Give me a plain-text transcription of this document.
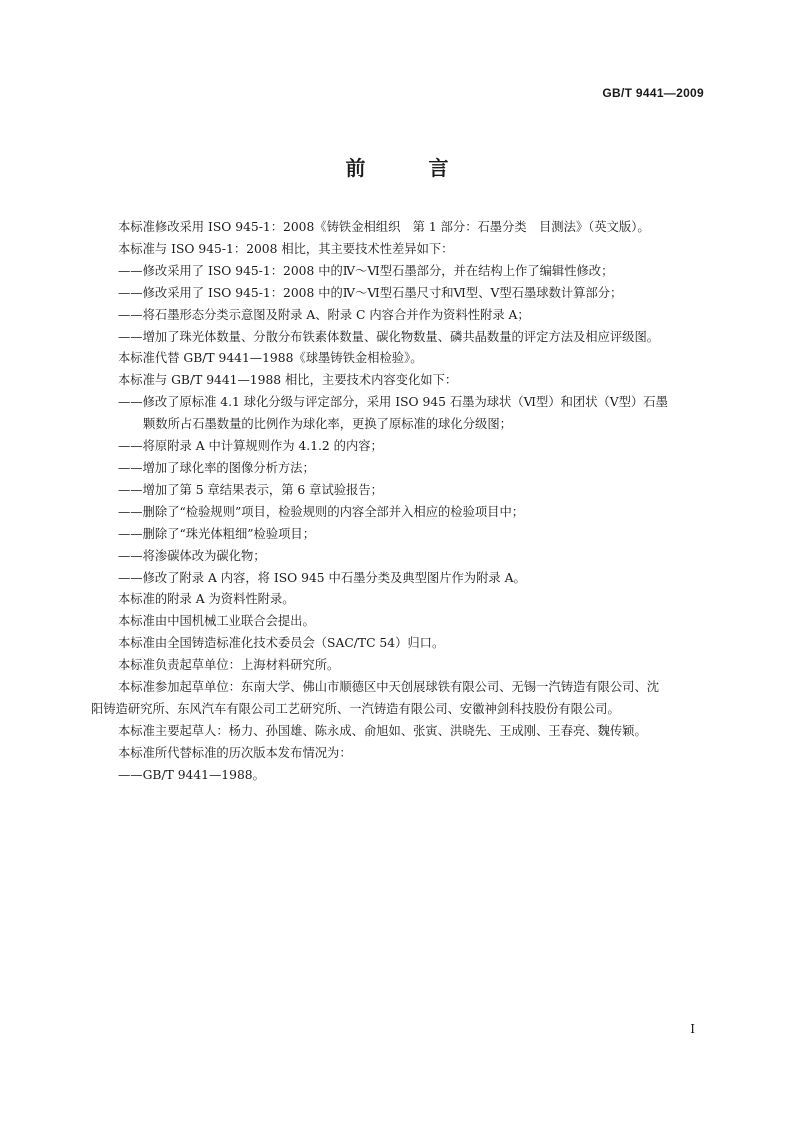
GB/T 9441—2009
前 言

本标准修改采用 ISO 945-1：2008《铸铁金相组织　第 1 部分：石墨分类　目测法》（英文版）。

本标准与 ISO 945-1：2008 相比，其主要技术性差异如下：

——修改采用了 ISO 945-1：2008 中的Ⅳ～Ⅵ型石墨部分，并在结构上作了编辑性修改；

——修改采用了 ISO 945-1：2008 中的Ⅳ～Ⅵ型石墨尺寸和Ⅵ型、Ⅴ型石墨球数计算部分；

——将石墨形态分类示意图及附录 A、附录 C 内容合并作为资料性附录 A；

——增加了珠光体数量、分散分布铁素体数量、碳化物数量、磷共晶数量的评定方法及相应评级图。

本标准代替 GB/T 9441—1988《球墨铸铁金相检验》。

本标准与 GB/T 9441—1988 相比，主要技术内容变化如下：

——修改了原标准 4.1 球化分级与评定部分，采用 ISO 945 石墨为球状（Ⅵ型）和团状（Ⅴ型）石墨

颗数所占石墨数量的比例作为球化率，更换了原标准的球化分级图；

——将原附录 A 中计算规则作为 4.1.2 的内容；

——增加了球化率的图像分析方法；

——增加了第 5 章结果表示，第 6 章试验报告；

——删除了“检验规则”项目，检验规则的内容全部并入相应的检验项目中；

——删除了“珠光体粗细”检验项目；

——将渗碳体改为碳化物；

——修改了附录 A 内容，将 ISO 945 中石墨分类及典型图片作为附录 A。

本标准的附录 A 为资料性附录。

本标准由中国机械工业联合会提出。

本标准由全国铸造标准化技术委员会（SAC/TC 54）归口。

本标准负责起草单位：上海材料研究所。

本标准参加起草单位：东南大学、佛山市顺德区中天创展球铁有限公司、无锡一汽铸造有限公司、沈

阳铸造研究所、东风汽车有限公司工艺研究所、一汽铸造有限公司、安徽神剑科技股份有限公司。

本标准主要起草人：杨力、孙国雄、陈永成、俞旭如、张寅、洪晓先、王成刚、王春亮、魏传颖。

本标准所代替标准的历次版本发布情况为：

——GB/T 9441—1988。

I
